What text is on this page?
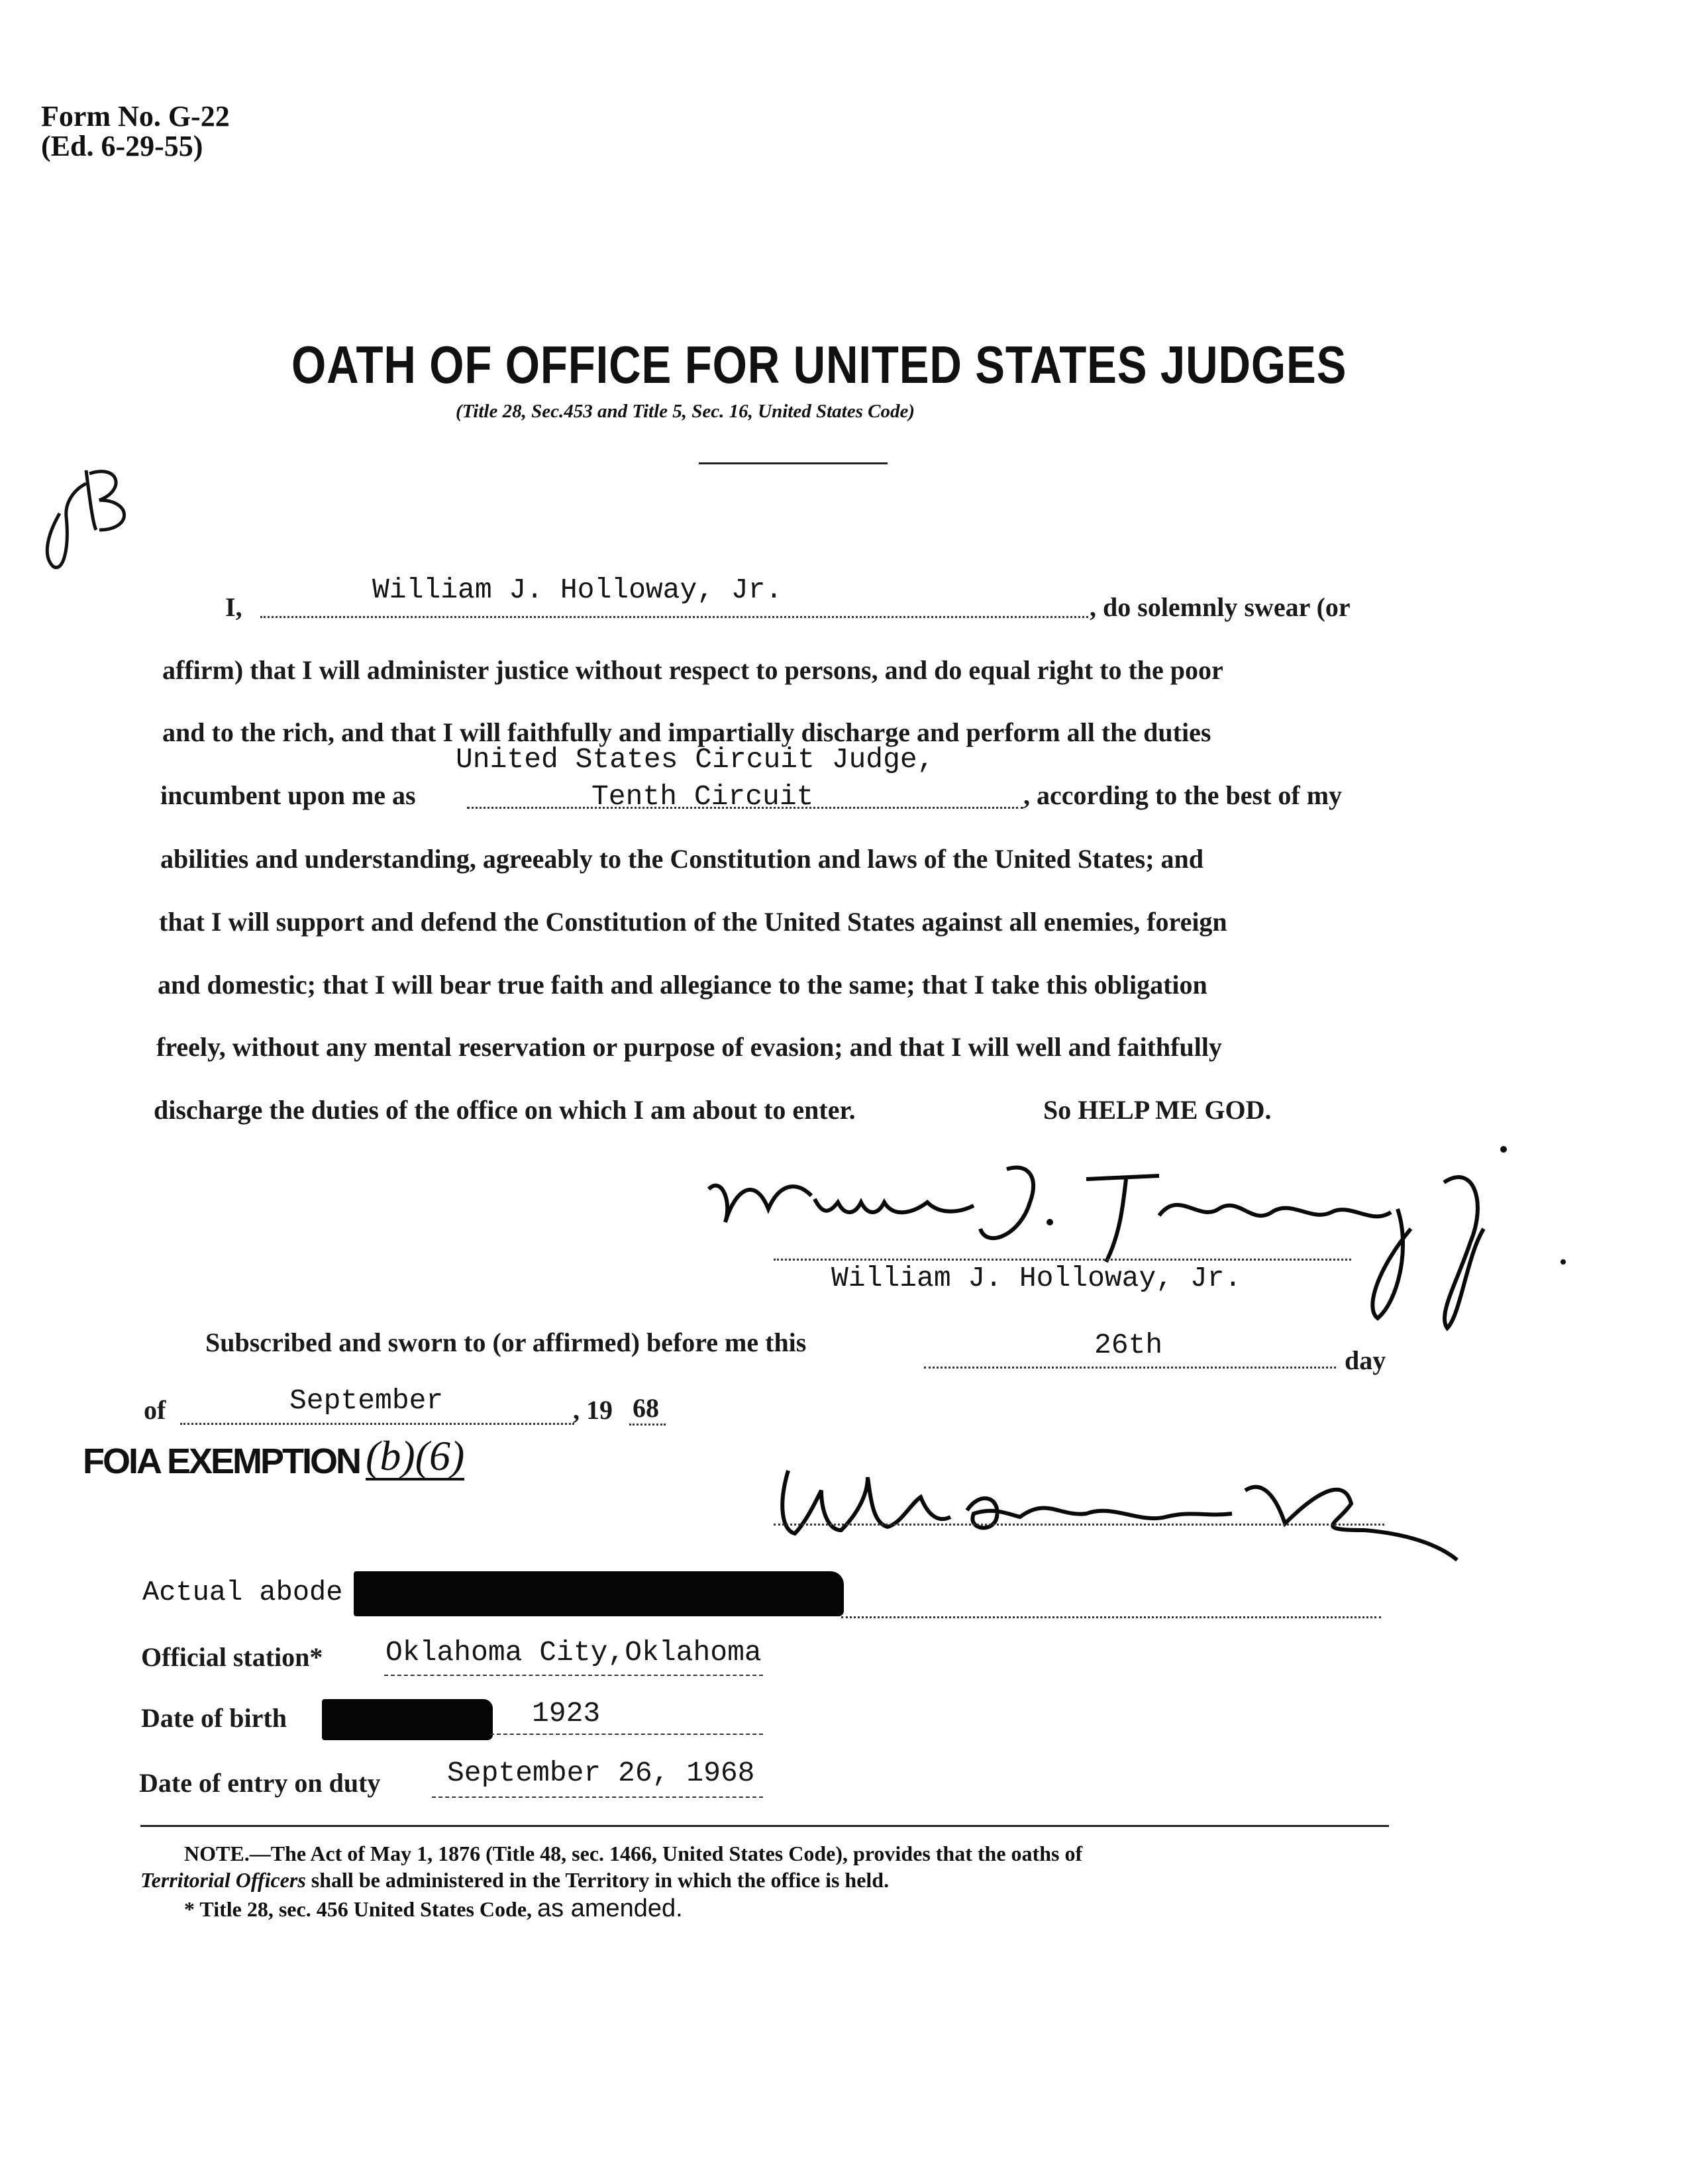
Form No. G-22
(Ed. 6-29-55)
OATH OF OFFICE FOR UNITED STATES JUDGES
(Title 28, Sec.453 and Title 5, Sec. 16, United States Code)
I,
William J. Holloway, Jr.
, do solemnly swear (or
affirm) that I will administer justice without respect to persons, and do equal right to the poor
and to the rich, and that I will faithfully and impartially discharge and perform all the duties
United States Circuit Judge,
incumbent upon me as	Tenth Circuit	, according to the best of my
abilities and understanding, agreeably to the Constitution and laws of the United States; and
that I will support and defend the Constitution of the United States against all enemies, foreign
and domestic; that I will bear true faith and allegiance to the same; that I take this obligation
freely, without any mental reservation or purpose of evasion; and that I will well and faithfully
discharge the duties of the office on which I am about to enter.	So HELP ME GOD.
William J. Holloway, Jr.
Subscribed and sworn to (or affirmed) before me this	26th	day
of	September	, 19 68
FOIA EXEMPTION (b)(6)
Actual abode
Official station* Oklahoma City,Oklahoma
Date of birth	1923
Date of entry on duty September 26, 1968
NOTE.—The Act of May 1, 1876 (Title 48, sec. 1466, United States Code), provides that the oaths of
Territorial Officers shall be administered in the Territory in which the office is held.
* Title 28, sec. 456 United States Code, as amended.
